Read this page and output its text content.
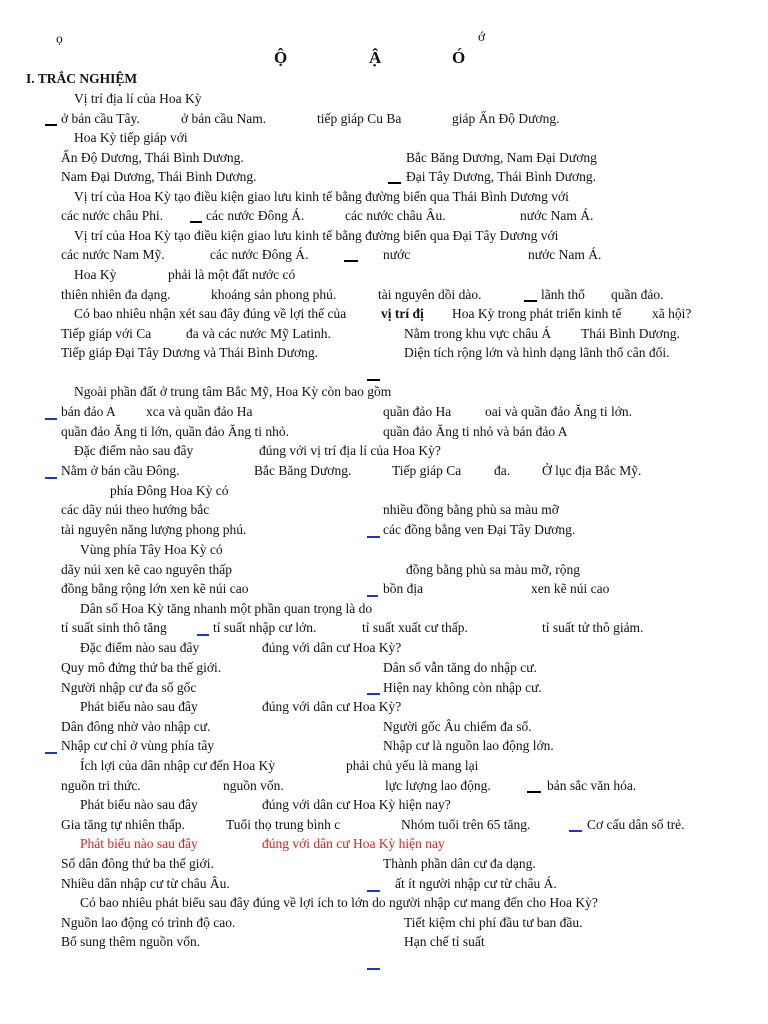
ọ	ớ
Ộ	Ậ	Ó
I. TRẮC NGHIỆM
Vị trí địa lí của Hoa Kỳ
ở bán cầu Tây.	ở bán cầu Nam.	tiếp giáp Cu Ba	giáp Ấn Độ Dương.
Hoa Kỳ tiếp giáp với
Ấn Độ Dương, Thái Bình Dương.	Bắc Băng Dương, Nam Đại Dương
Nam Đại Dương, Thái Bình Dương.	Đại Tây Dương, Thái Bình Dương.
Vị trí của Hoa Kỳ tạo điều kiện giao lưu kinh tế bằng đường biển qua Thái Bình Dương với
các nước châu Phi.	các nước Đông Á.	các nước châu Âu.	nước Nam Á.
Vị trí của Hoa Kỳ tạo điều kiện giao lưu kinh tế bằng đường biển qua Đại Tây Dương với
các nước Nam Mỹ.	các nước Đông Á.	nước	nước Nam Á.
Hoa Kỳ	phải là một đất nước có
thiên nhiên đa dạng.	khoáng sản phong phú.	tài nguyên dồi dào.	lãnh thổ quần đảo.
Có bao nhiêu nhận xét sau đây đúng về lợi thế của	vị trí đị Hoa Kỳ trong phát triển kinh tế xã hội?
Tiếp giáp với Ca	đa và các nước Mỹ Latinh.	Nằm trong khu vực châu Á Thái Bình Dương.
Tiếp giáp Đại Tây Dương và Thái Bình Dương.	Diện tích rộng lớn và hình dạng lãnh thổ cân đối.
Ngoài phần đất ở trung tâm Bắc Mỹ, Hoa Kỳ còn bao gồm
bán đảo A xca và quần đảo Ha	quần đảo Ha	oai và quần đảo Ăng ti lớn.
quần đảo Ăng ti lớn, quần đảo Ăng ti nhỏ.	quần đảo Ăng ti nhỏ và bán đảo A
Đặc điểm nào sau đây	đúng với vị trí địa lí của Hoa Kỳ?
Nằm ở bán cầu Đông.	Bắc Băng Dương.	Tiếp giáp Ca đa. Ở lục địa Bắc Mỹ.
phía Đông Hoa Kỳ có
các dãy núi theo hướng bắc	nhiều đồng bằng phù sa màu mỡ
tài nguyên năng lượng phong phú.	các đồng bằng ven Đại Tây Dương.
Vùng phía Tây Hoa Kỳ có
dãy núi xen kẽ cao nguyên thấp	đồng bằng phù sa màu mỡ, rộng
đồng bằng rộng lớn xen kẽ núi cao	bồn địa	xen kẽ núi cao
Dân số Hoa Kỳ tăng nhanh một phần quan trọng là do
tỉ suất sinh thô tăng	tỉ suất nhập cư lớn.	tỉ suất xuất cư thấp.	tỉ suất tử thô giảm.
Đặc điểm nào sau đây	đúng với dân cư Hoa Kỳ?
Quy mô đứng thứ ba thế giới.	Dân số vẫn tăng do nhập cư.
Người nhập cư đa số gốc	Hiện nay không còn nhập cư.
Phát biểu nào sau đây	đúng với dân cư Hoa Kỳ?
Dân đông nhờ vào nhập cư.	Người gốc Âu chiếm đa số.
Nhập cư chỉ ở vùng phía tây	Nhập cư là nguồn lao động lớn.
Ích lợi của dân nhập cư đến Hoa Kỳ	phải chủ yếu là mang lại
nguồn tri thức.	nguồn vốn.	lực lượng lao động.	bản sắc văn hóa.
Phát biểu nào sau đây	đúng với dân cư Hoa Kỳ hiện nay?
Gia tăng tự nhiên thấp.	Tuổi thọ trung bình c	Nhóm tuổi trên 65 tăng.	Cơ cấu dân số trẻ.
Phát biểu nào sau đây	đúng với dân cư Hoa Kỳ hiện nay
Số dân đông thứ ba thế giới.	Thành phần dân cư đa dạng.
Nhiều dân nhập cư từ châu Âu.	ất ít người nhập cư từ châu Á.
Có bao nhiêu phát biểu sau đây đúng về lợi ích to lớn do người nhập cư mang đến cho Hoa Kỳ?
Nguồn lao động có trình độ cao.	Tiết kiệm chi phí đầu tư ban đầu.
Bổ sung thêm nguồn vốn.	Hạn chế tỉ suất
